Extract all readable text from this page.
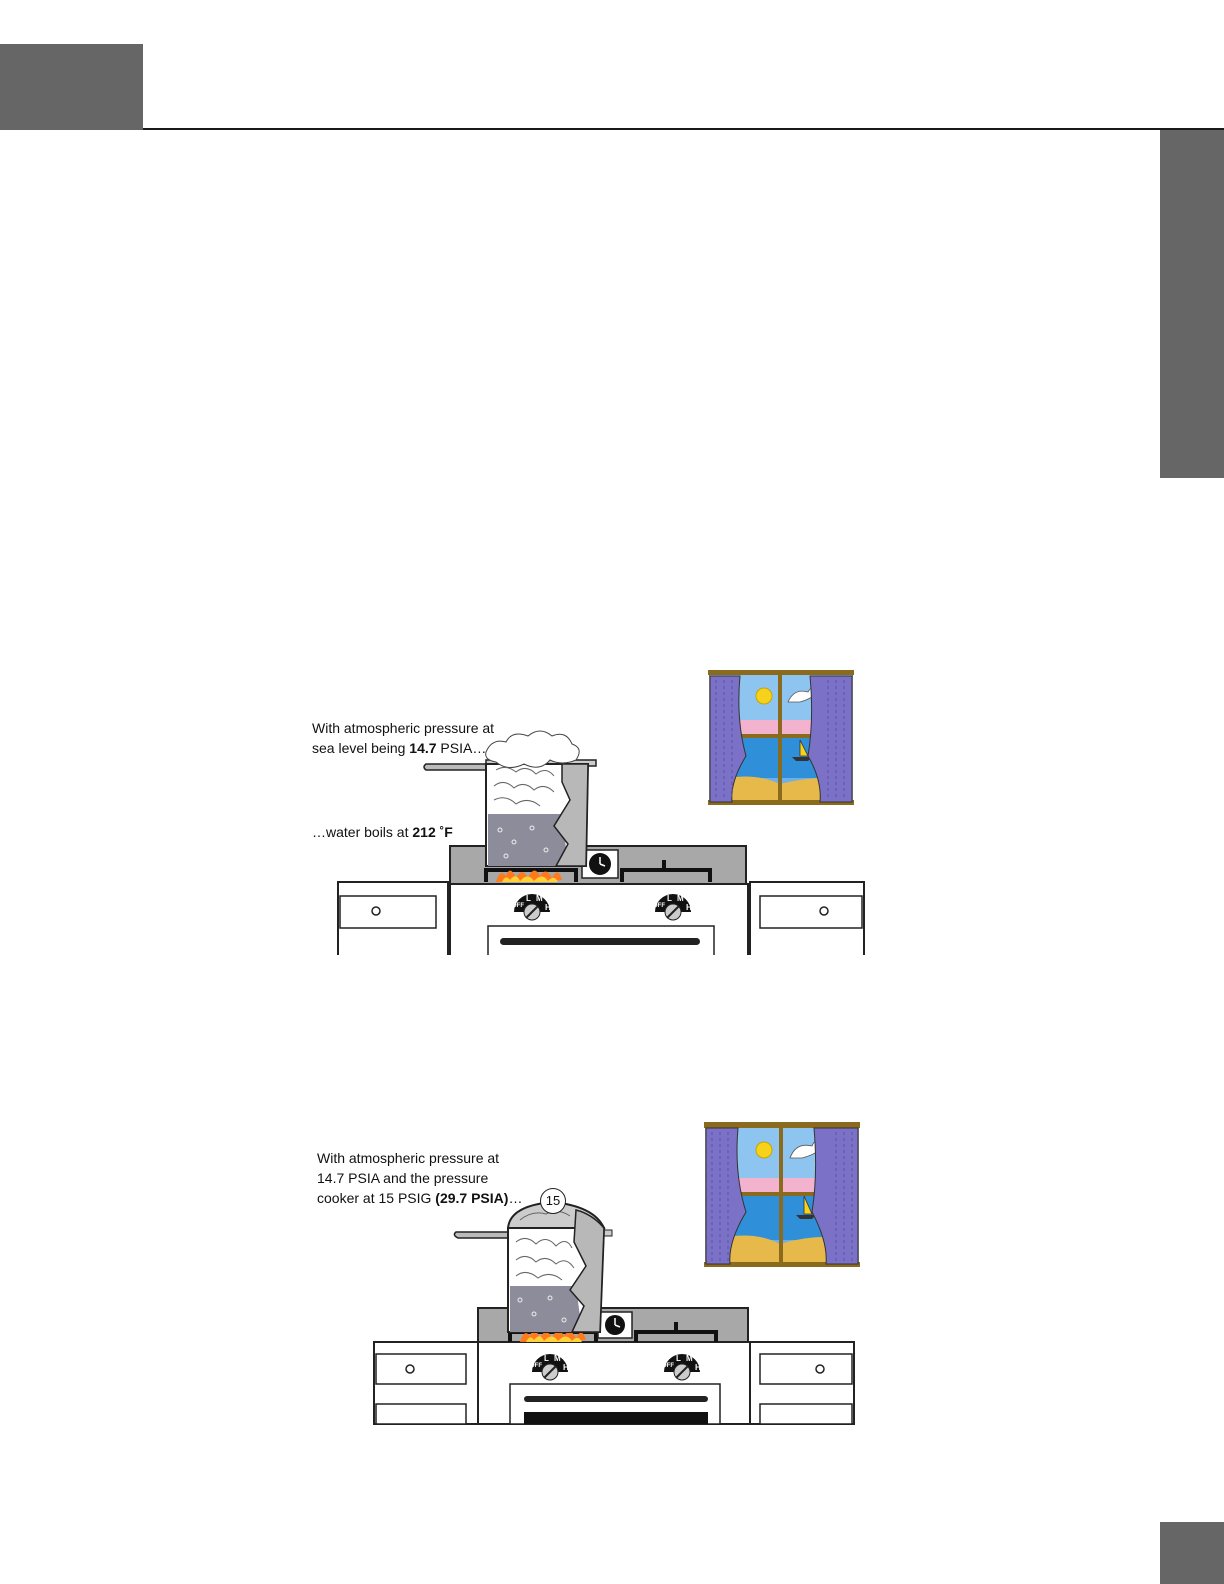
With atmospheric pressure at
sea level being 14.7 PSIA…
…water boils at 212 ˚F
15
With atmospheric pressure at
14.7 PSIA and the pressure
cooker at 15 PSIG (29.7 PSIA)…
OFF
L M
H	OFF
L M
H
OFF
L M
H	OFF
L M
H
